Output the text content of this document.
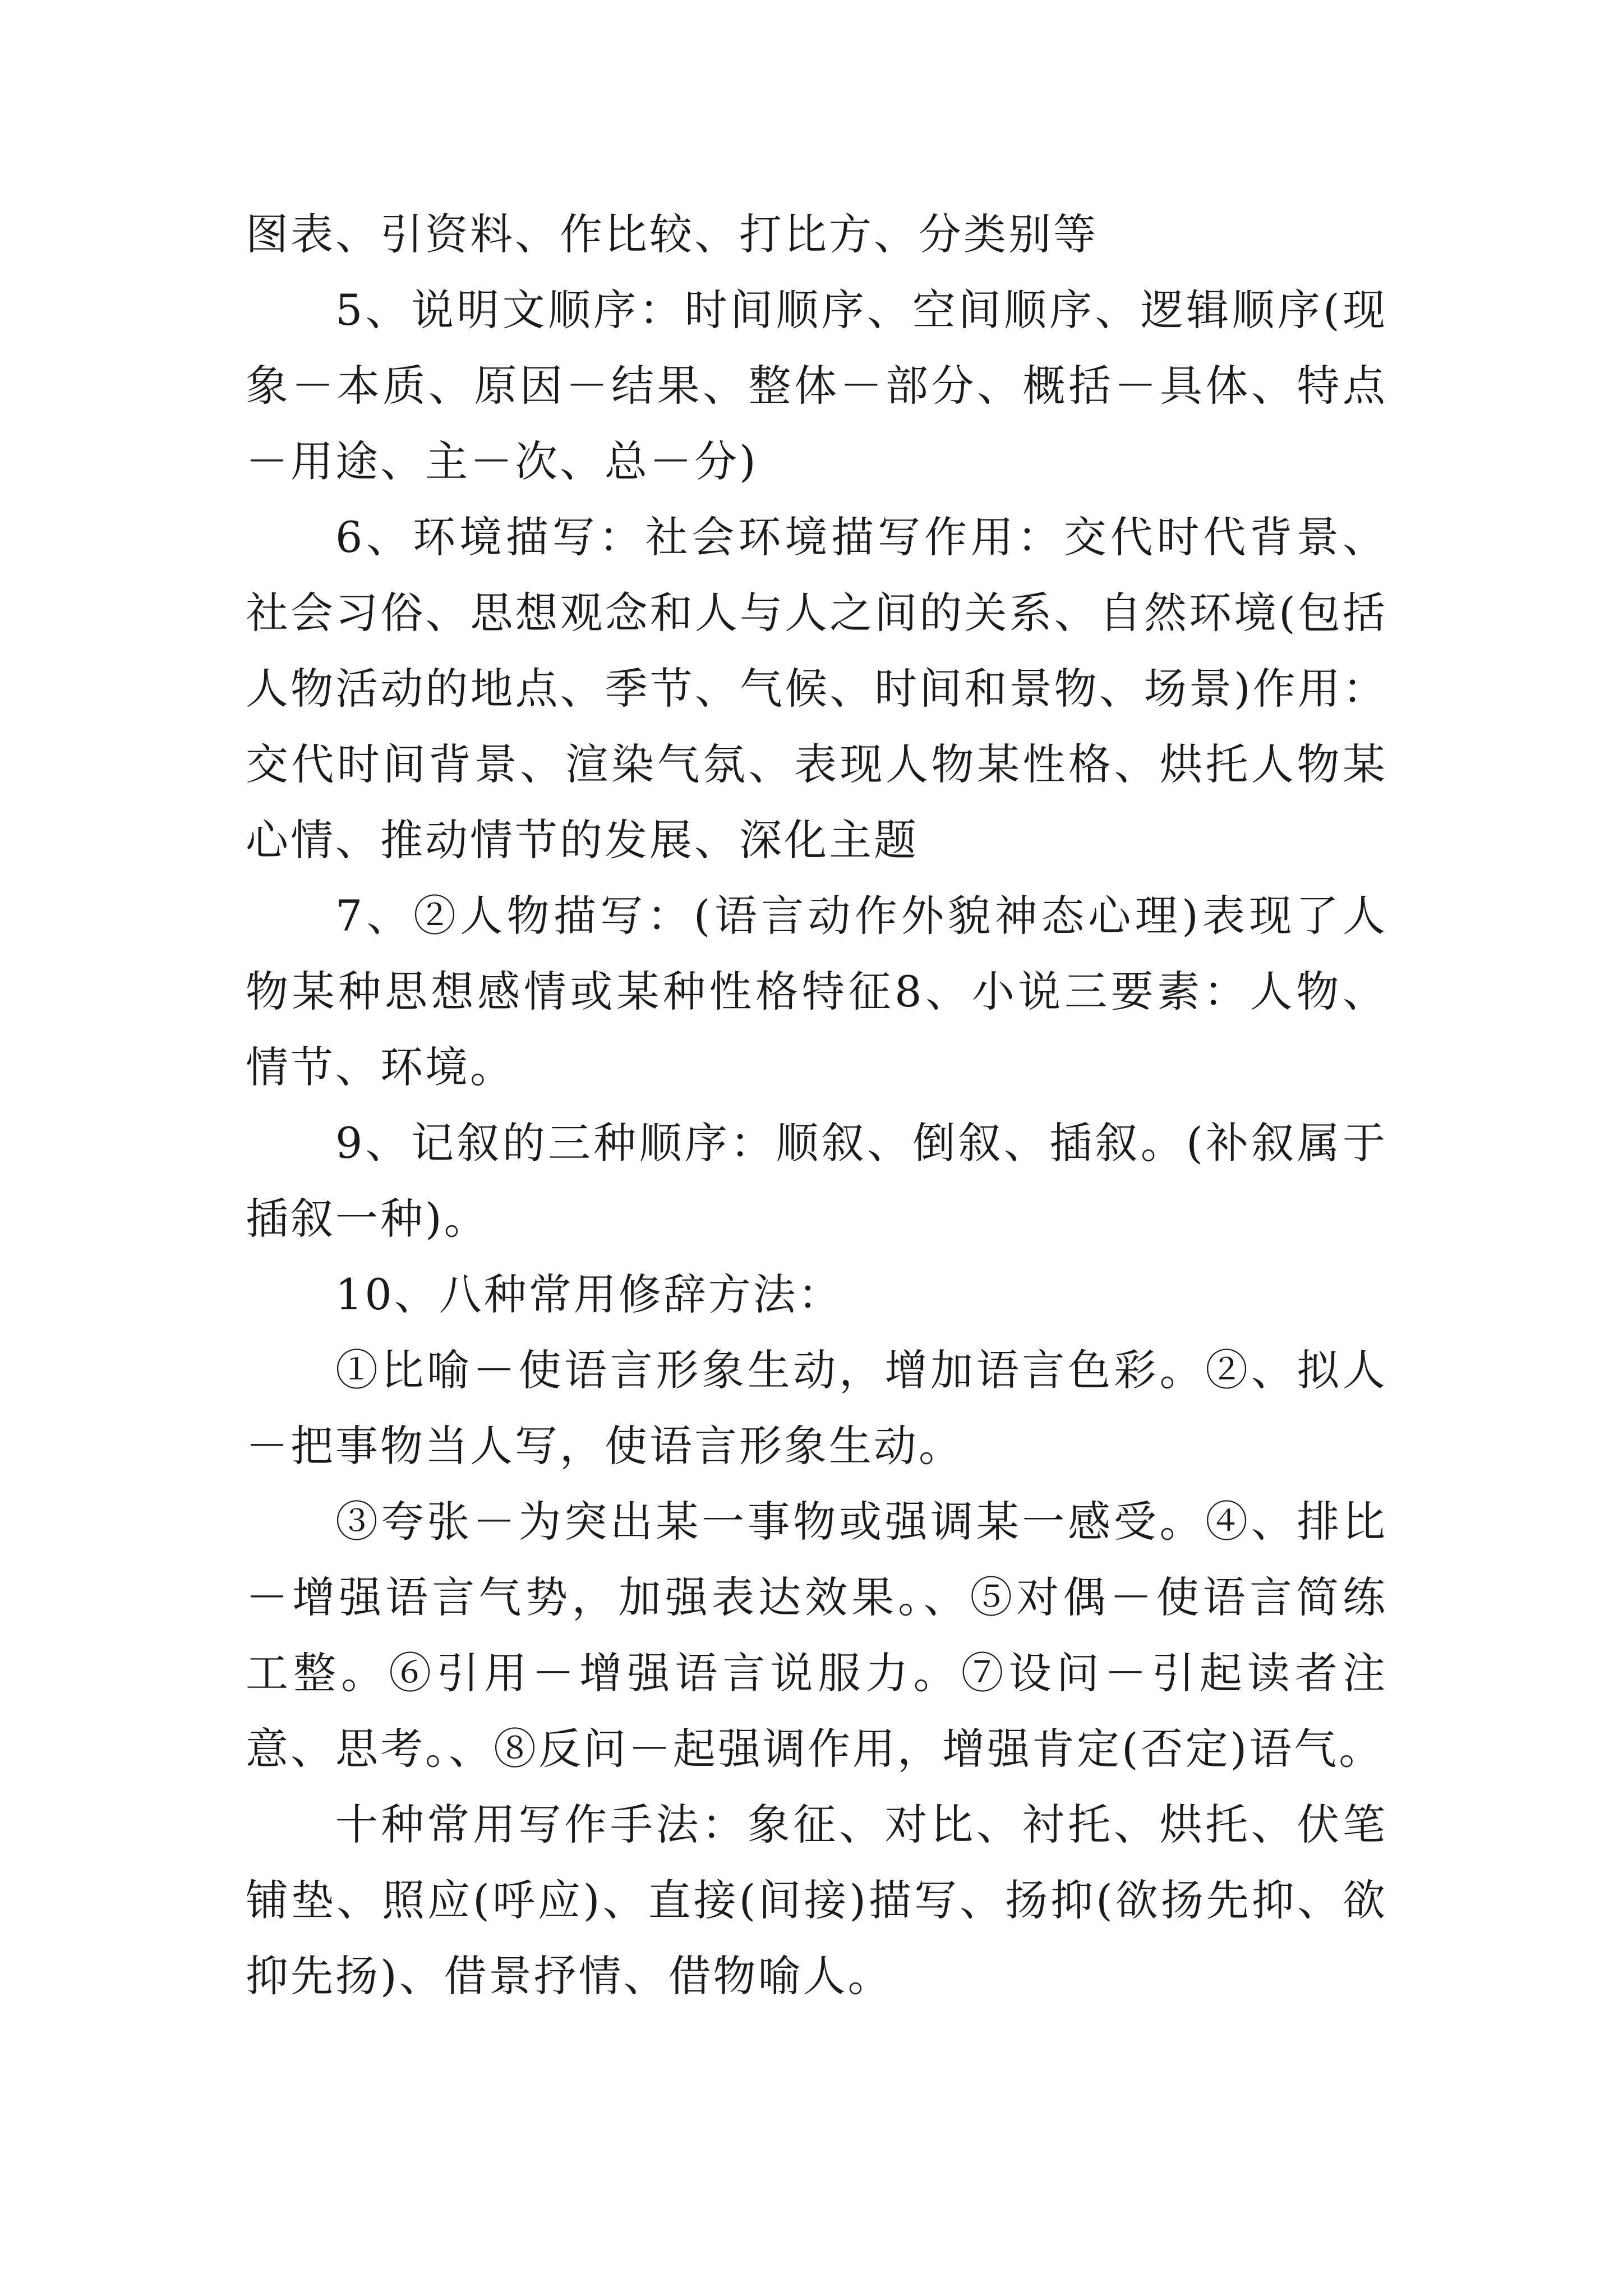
图表、引资料、作比较、打比方、分类别等

5、说明文顺序：时间顺序、空间顺序、逻辑顺序(现象－本质、原因－结果、整体－部分、概括－具体、特点－用途、主－次、总－分)

6、环境描写：社会环境描写作用：交代时代背景、社会习俗、思想观念和人与人之间的关系、自然环境(包括人物活动的地点、季节、气候、时间和景物、场景)作用：交代时间背景、渲染气氛、表现人物某性格、烘托人物某心情、推动情节的发展、深化主题

7、②人物描写：(语言动作外貌神态心理)表现了人物某种思想感情或某种性格特征8、小说三要素：人物、情节、环境。

9、记叙的三种顺序：顺叙、倒叙、插叙。(补叙属于插叙一种)。

10、八种常用修辞方法：

①比喻－使语言形象生动，增加语言色彩。②、拟人－把事物当人写，使语言形象生动。

③夸张－为突出某一事物或强调某一感受。④、排比－增强语言气势，加强表达效果。、⑤对偶－使语言简练工整。⑥引用－增强语言说服力。⑦设问－引起读者注意、思考。、⑧反问－起强调作用，增强肯定(否定)语气。

十种常用写作手法：象征、对比、衬托、烘托、伏笔铺垫、照应(呼应)、直接(间接)描写、扬抑(欲扬先抑、欲抑先扬)、借景抒情、借物喻人。
